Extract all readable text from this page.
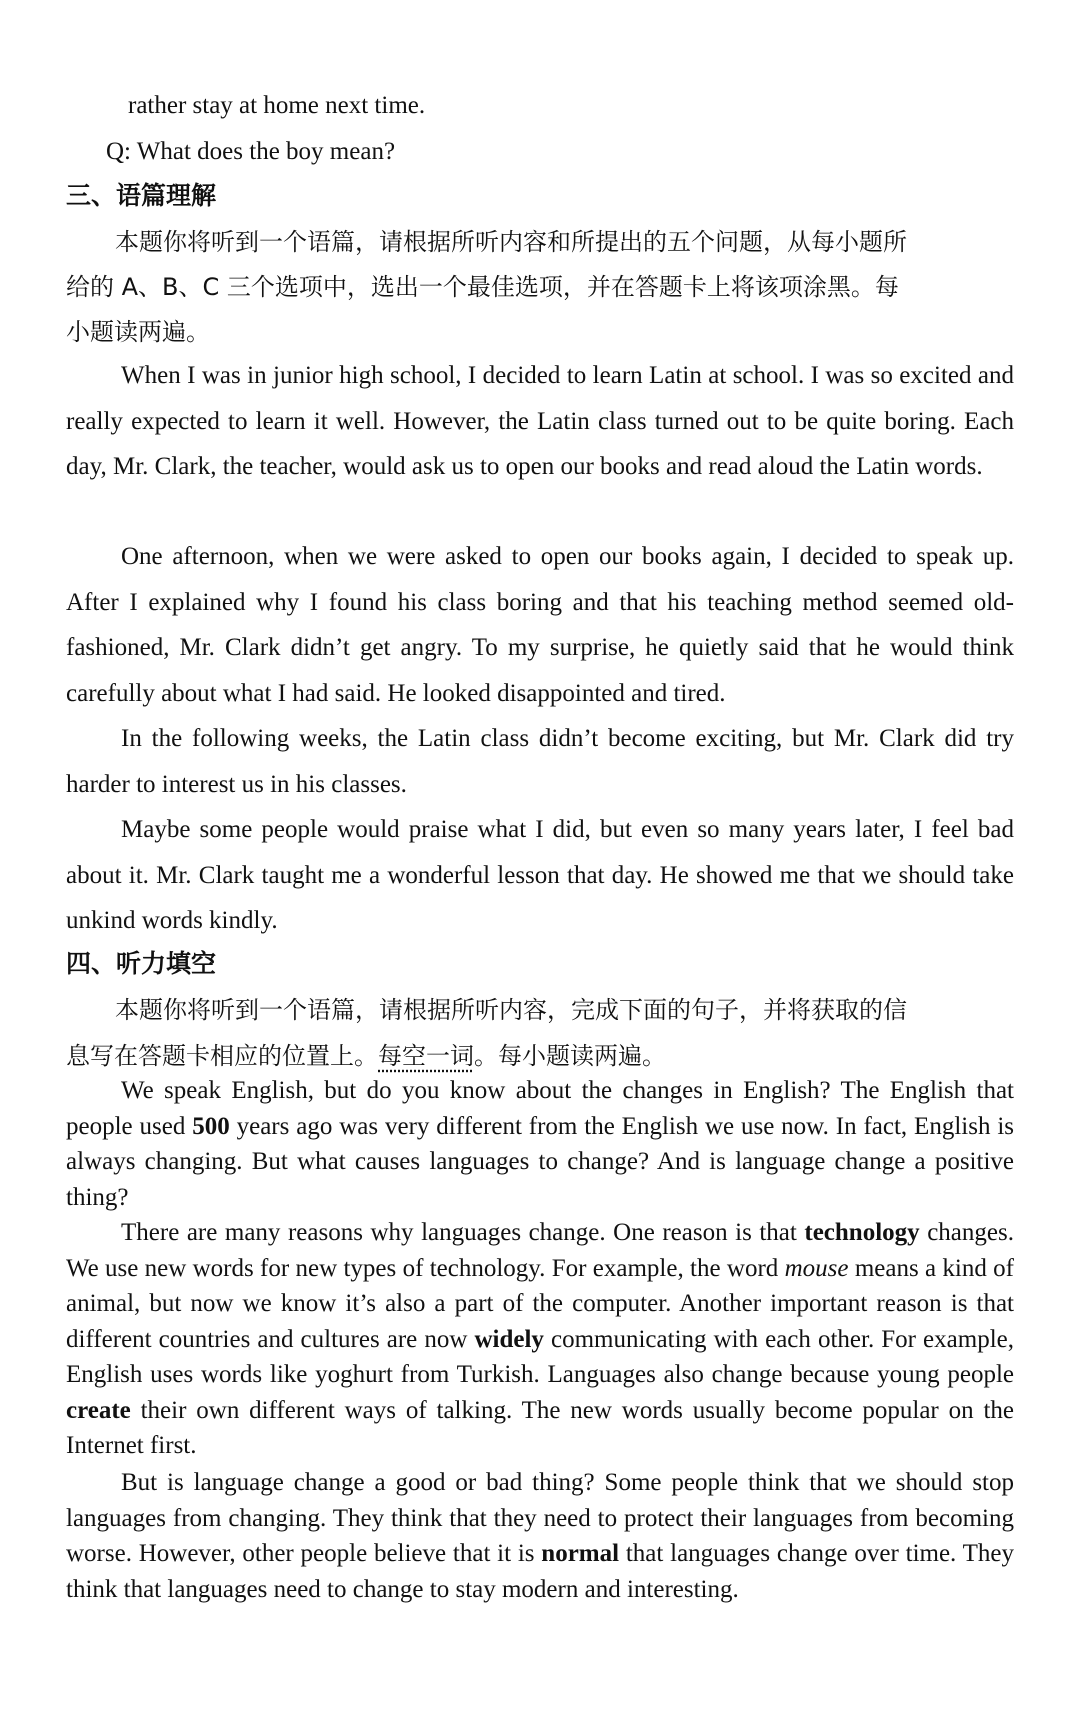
rather stay at home next time.
Q: What does the boy mean?
三、语篇理解
本题你将听到一个语篇，请根据所听内容和所提出的五个问题，从每小题所
给的 A、B、C 三个选项中，选出一个最佳选项，并在答题卡上将该项涂黑。每
小题读两遍。
When I was in junior high school, I decided to learn Latin at school. I was so excited and really expected to learn it well. However, the Latin class turned out to be quite boring. Each day, Mr. Clark, the teacher, would ask us to open our books and read aloud the Latin words.
One afternoon, when we were asked to open our books again, I decided to speak up. After I explained why I found his class boring and that his teaching method seemed old-fashioned, Mr. Clark didn’t get angry. To my surprise, he quietly said that he would think carefully about what I had said. He looked disappointed and tired.
In the following weeks, the Latin class didn’t become exciting, but Mr. Clark did try harder to interest us in his classes.
Maybe some people would praise what I did, but even so many years later, I feel bad about it. Mr. Clark taught me a wonderful lesson that day. He showed me that we should take unkind words kindly.
四、听力填空
本题你将听到一个语篇，请根据所听内容，完成下面的句子，并将获取的信
息写在答题卡相应的位置上。每空一词。每小题读两遍。
We speak English, but do you know about the changes in English? The English that people used 500 years ago was very different from the English we use now. In fact, English is always changing. But what causes languages to change? And is language change a positive thing?
There are many reasons why languages change. One reason is that technology changes. We use new words for new types of technology. For example, the word mouse means a kind of animal, but now we know it’s also a part of the computer. Another important reason is that different countries and cultures are now widely communicating with each other. For example, English uses words like yoghurt from Turkish. Languages also change because young people create their own different ways of talking. The new words usually become popular on the Internet first.
But is language change a good or bad thing? Some people think that we should stop languages from changing. They think that they need to protect their languages from becoming worse. However, other people believe that it is normal that languages change over time. They think that languages need to change to stay modern and interesting.
